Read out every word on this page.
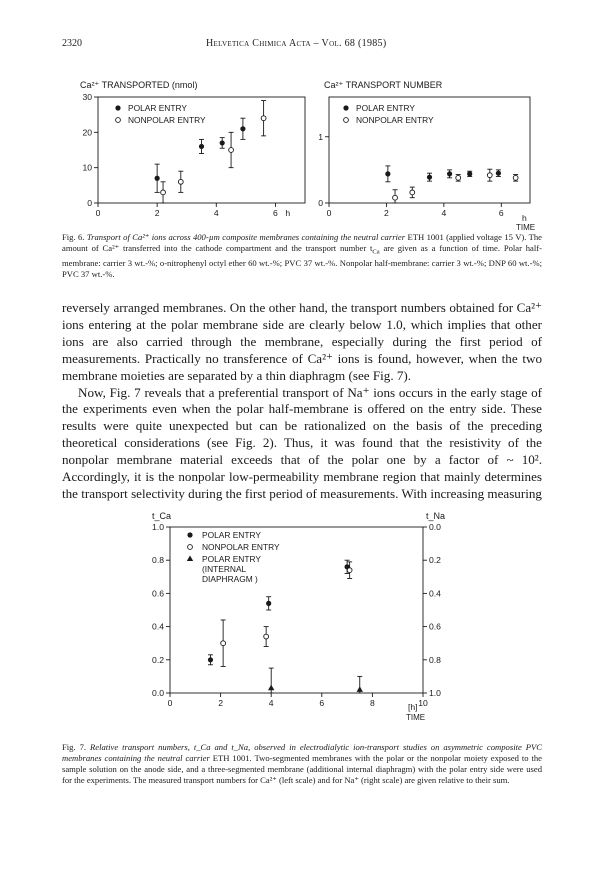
2320	Helvetica Chimica Acta – Vol. 68 (1985)
Ca²⁺ TRANSPORTED (nmol)
0
10
20
30
0	2	4	6 h
POLAR ENTRY
NONPOLAR ENTRY
Ca²⁺ TRANSPORT NUMBER
0
1
0	2	4	6
POLAR ENTRY
NONPOLAR ENTRY
h
TIME
Fig. 6. Transport of Ca²⁺ ions across 400-µm composite membranes containing the neutral carrier ETH 1001 (applied voltage 15 V). The amount of Ca²⁺ transferred into the cathode compartment and the transport number $t_{Ca}$ are given as a function of time. Polar half-membrane: carrier 3 wt.-%; o-nitrophenyl octyl ether 60 wt.-%; PVC 37 wt.-%. Nonpolar half-membrane: carrier 3 wt.-%; DNP 60 wt.-%; PVC 37 wt.-%.

reversely arranged membranes. On the other hand, the transport numbers obtained for Ca²⁺ ions entering at the polar membrane side are clearly below 1.0, which implies that other ions are also carried through the membrane, especially during the first period of measurements. Practically no transference of Ca²⁺ ions is found, however, when the two membrane moieties are separated by a thin diaphragm (see Fig. 7).

Now, Fig. 7 reveals that a preferential transport of Na⁺ ions occurs in the early stage of the experiments even when the polar half-membrane is offered on the entry side. These results were quite unexpected but can be rationalized on the basis of the preceding theoretical considerations (see Fig. 2). Thus, it was found that the resistivity of the nonpolar membrane material exceeds that of the polar one by a factor of ~ 10². Accordingly, it is the nonpolar low-permeability membrane region that mainly determines the transport selectivity during the first period of measurements. With increasing measuring

t_Ca	t_Na
0.0
0.2
0.4
0.6
0.8
1.0
1.0
0.8
0.6
0.4
0.2
0.0
0	2	4	6	8	10
POLAR ENTRY
NONPOLAR ENTRY
POLAR ENTRY
(INTERNAL
DIAPHRAGM )
[h]
TIME
Fig. 7. Relative transport numbers, t_Ca and t_Na, observed in electrodialytic ion-transport studies on asymmetric composite PVC membranes containing the neutral carrier ETH 1001. Two-segmented membranes with the polar or the nonpolar moiety exposed to the sample solution on the anode side, and a three-segmented membrane (additional internal diaphragm) with the polar entry side were used for the experiments. The measured transport numbers for Ca²⁺ (left scale) and for Na⁺ (right scale) are given relative to their sum.
